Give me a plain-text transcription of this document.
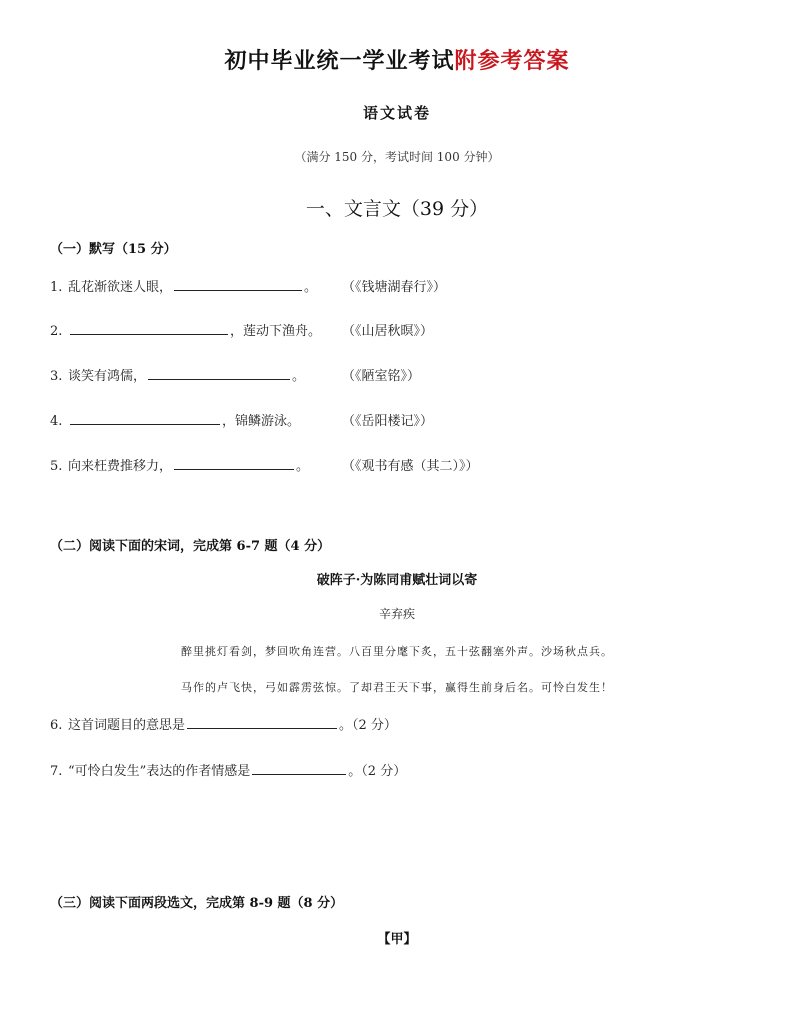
初中毕业统一学业考试附参考答案
语文试卷
（满分 150 分，考试时间 100 分钟）
一、文言文（39 分）
（一）默写（15 分）
1. 乱花渐欲迷人眼，	。 （《钱塘湖春行》）
2.	，莲动下渔舟。 （《山居秋暝》）
3. 谈笑有鸿儒，	。	（《陋室铭》）
4.	，锦鳞游泳。	（《岳阳楼记》）
5. 向来枉费推移力，	。	（《观书有感（其二）》）
（二）阅读下面的宋词，完成第 6-7 题（4 分）
破阵子·为陈同甫赋壮词以寄
辛弃疾
醉里挑灯看剑，梦回吹角连营。八百里分麾下炙，五十弦翻塞外声。沙场秋点兵。
马作的卢飞快，弓如霹雳弦惊。了却君王天下事，赢得生前身后名。可怜白发生！
6. 这首词题目的意思是	。（2 分）
7. “可怜白发生”表达的作者情感是	。（2 分）
（三）阅读下面两段选文，完成第 8-9 题（8 分）
【甲】
